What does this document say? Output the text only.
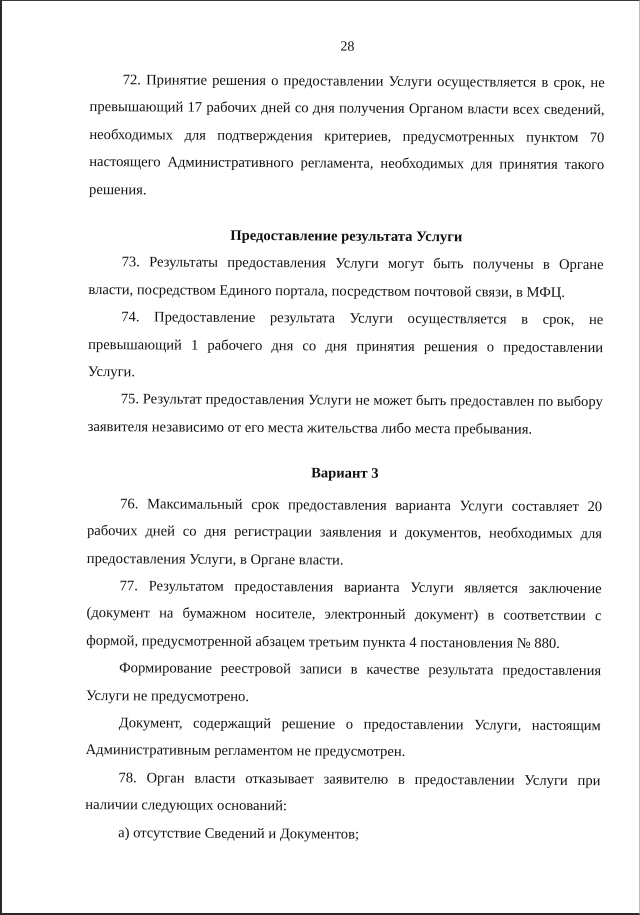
28

72. Принятие решения о предоставлении Услуги осуществляется в срок, не превышающий 17 рабочих дней со дня получения Органом власти всех сведений, необходимых для подтверждения критериев, предусмотренных пунктом 70 настоящего Административного регламента, необходимых для принятия такого решения.

Предоставление результата Услуги

73. Результаты предоставления Услуги могут быть получены в Органе власти, посредством Единого портала, посредством почтовой связи, в МФЦ.

74. Предоставление результата Услуги осуществляется в срок, не превышающий 1 рабочего дня со дня принятия решения о предоставлении Услуги.

75. Результат предоставления Услуги не может быть предоставлен по выбору заявителя независимо от его места жительства либо места пребывания.

Вариант 3

76. Максимальный срок предоставления варианта Услуги составляет 20 рабочих дней со дня регистрации заявления и документов, необходимых для предоставления Услуги, в Органе власти.

77. Результатом предоставления варианта Услуги является заключение (документ на бумажном носителе, электронный документ) в соответствии с формой, предусмотренной абзацем третьим пункта 4 постановления № 880.

Формирование реестровой записи в качестве результата предоставления Услуги не предусмотрено.

Документ, содержащий решение о предоставлении Услуги, настоящим Административным регламентом не предусмотрен.

78. Орган власти отказывает заявителю в предоставлении Услуги при наличии следующих оснований:

а) отсутствие Сведений и Документов;
